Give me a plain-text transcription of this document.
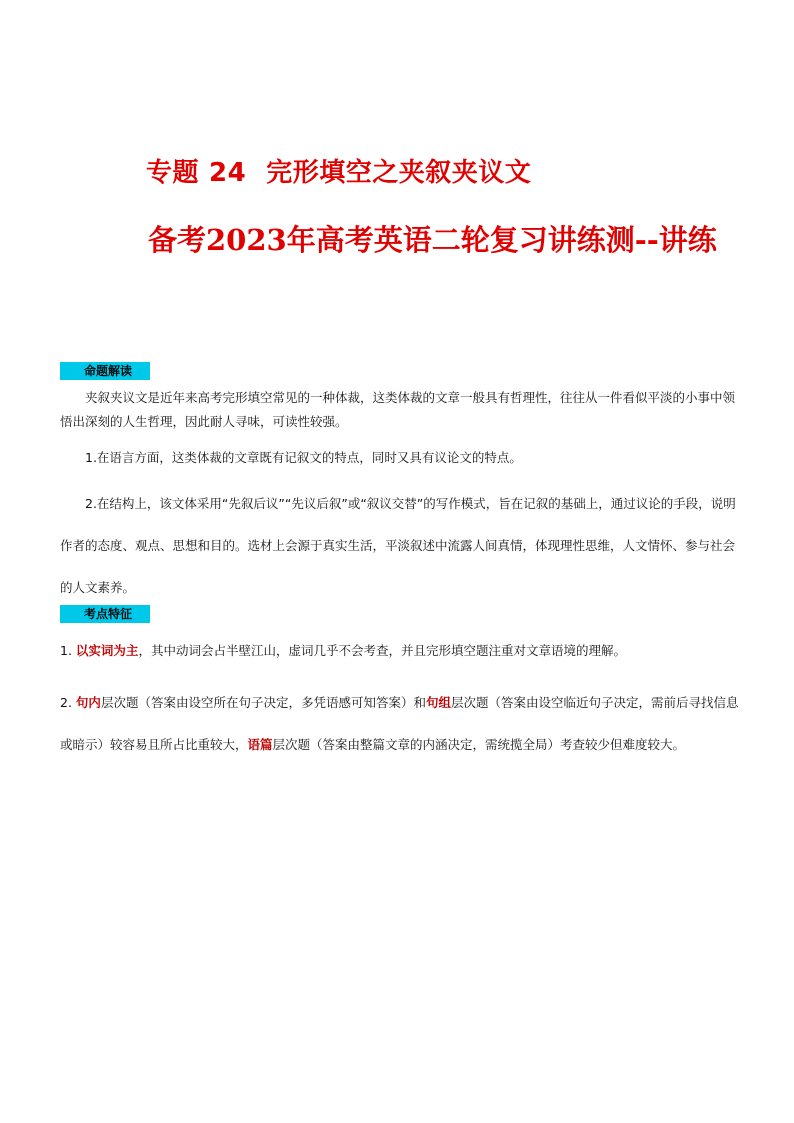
专题 24 完形填空之夹叙夹议文
备考2023年高考英语二轮复习讲练测--讲练
命题解读
夹叙夹议文是近年来高考完形填空常见的一种体裁，这类体裁的文章一般具有哲理性，往往从一件看似平淡的小事中领悟出深刻的人生哲理，因此耐人寻味，可读性较强。
1.在语言方面，这类体裁的文章既有记叙文的特点，同时又具有议论文的特点。
2.在结构上，该文体采用“先叙后议”“先议后叙”或“叙议交替”的写作模式，旨在记叙的基础上，通过议论的手段，说明作者的态度、观点、思想和目的。选材上会源于真实生活，平淡叙述中流露人间真情，体现理性思维，人文情怀、参与社会的人文素养。
考点特征
1. 以实词为主，其中动词会占半壁江山，虚词几乎不会考查，并且完形填空题注重对文章语境的理解。
2. 句内层次题（答案由设空所在句子决定，多凭语感可知答案）和句组层次题（答案由设空临近句子决定，需前后寻找信息或暗示）较容易且所占比重较大，语篇层次题（答案由整篇文章的内涵决定，需统揽全局）考查较少但难度较大。
